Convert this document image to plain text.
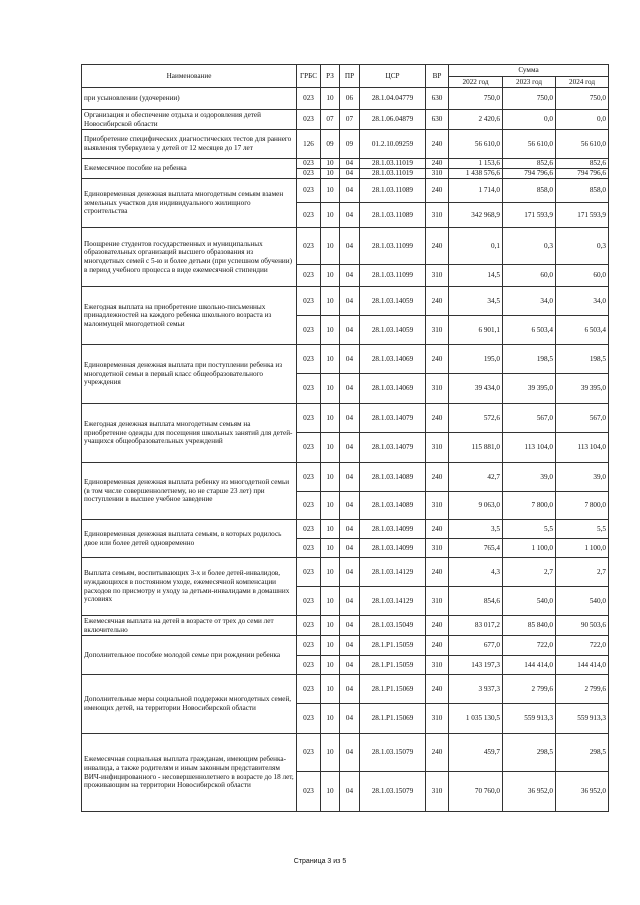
Наименование	ГРБС	РЗ	ПР	ЦСР	ВР	Сумма		
						2022 год	2023 год	2024 год
при усыновлении (удочерении)	023	10	06	28.1.04.04779	630	750,0	750,0	750,0
Организация и обеспечение отдыха и оздоровления детей Новосибирской области	023	07	07	28.1.06.04879	630	2 420,6	0,0	0,0
Приобретение специфических диагностических тестов для раннего выявления туберкулеза у детей от 12 месяцев до 17 лет	126	09	09	01.2.10.09259	240	56 610,0	56 610,0	56 610,0
Ежемесячное пособие на ребенка	023	10	04	28.1.03.11019	240	1 153,6	852,6	852,6
	023	10	04	28.1.03.11019	310	1 438 576,6	794 796,6	794 796,6
Единовременная денежная выплата многодетным семьям взамен земельных участков для индивидуального жилищного строительства	023	10	04	28.1.03.11089	240	1 714,0	858,0	858,0
	023	10	04	28.1.03.11089	310	342 968,9	171 593,9	171 593,9
Поощрение студентов государственных и муниципальных образовательных организаций высшего образования из многодетных семей с 5-ю и более детьми (при успешном обучении) в период учебного процесса в виде ежемесячной стипендии	023	10	04	28.1.03.11099	240	0,1	0,3	0,3
	023	10	04	28.1.03.11099	310	14,5	60,0	60,0
Ежегодная выплата на приобретение школьно-письменных принадлежностей на каждого ребенка школьного возраста из малоимущей многодетной семьи	023	10	04	28.1.03.14059	240	34,5	34,0	34,0
	023	10	04	28.1.03.14059	310	6 901,1	6 503,4	6 503,4
Единовременная денежная выплата при поступлении ребенка из многодетной семьи в первый класс общеобразовательного учреждения	023	10	04	28.1.03.14069	240	195,0	198,5	198,5
	023	10	04	28.1.03.14069	310	39 434,0	39 395,0	39 395,0
Ежегодная денежная выплата многодетным семьям на приобретение одежды для посещения школьных занятий для детей-учащихся общеобразовательных учреждений	023	10	04	28.1.03.14079	240	572,6	567,0	567,0
	023	10	04	28.1.03.14079	310	115 881,0	113 104,0	113 104,0
Единовременная денежная выплата ребенку из многодетной семьи (в том числе совершеннолетнему, но не старше 23 лет) при поступлении в высшее учебное заведение	023	10	04	28.1.03.14089	240	42,7	39,0	39,0
	023	10	04	28.1.03.14089	310	9 063,0	7 800,0	7 800,0
Единовременная денежная выплата семьям, в которых родилось двое или более детей одновременно	023	10	04	28.1.03.14099	240	3,5	5,5	5,5
	023	10	04	28.1.03.14099	310	765,4	1 100,0	1 100,0
Выплата семьям, воспитывающих 3-х и более детей-инвалидов, нуждающихся в постоянном уходе, ежемесячной компенсации расходов по присмотру и уходу за детьми-инвалидами в домашних условиях	023	10	04	28.1.03.14129	240	4,3	2,7	2,7
	023	10	04	28.1.03.14129	310	854,6	540,0	540,0
Ежемесячная выплата на детей в возрасте от трех до семи лет включительно	023	10	04	28.1.03.15049	240	83 017,2	85 840,0	90 503,6
Дополнительное пособие молодой семье при рождении ребенка	023	10	04	28.1.P1.15059	240	677,0	722,0	722,0
	023	10	04	28.1.P1.15059	310	143 197,3	144 414,0	144 414,0
Дополнительные меры социальной поддержки многодетных семей, имеющих детей, на территории Новосибирской области	023	10	04	28.1.P1.15069	240	3 937,3	2 799,6	2 799,6
	023	10	04	28.1.P1.15069	310	1 035 130,5	559 913,3	559 913,3
Ежемесячная социальная выплата гражданам, имеющим ребенка-инвалида, а также родителям и иным законным представителям ВИЧ-инфицированного - несовершеннолетнего в возрасте до 18 лет, проживающим на территории Новосибирской области	023	10	04	28.1.03.15079	240	459,7	298,5	298,5
	023	10	04	28.1.03.15079	310	70 760,0	36 952,0	36 952,0
Страница 3 из 5
